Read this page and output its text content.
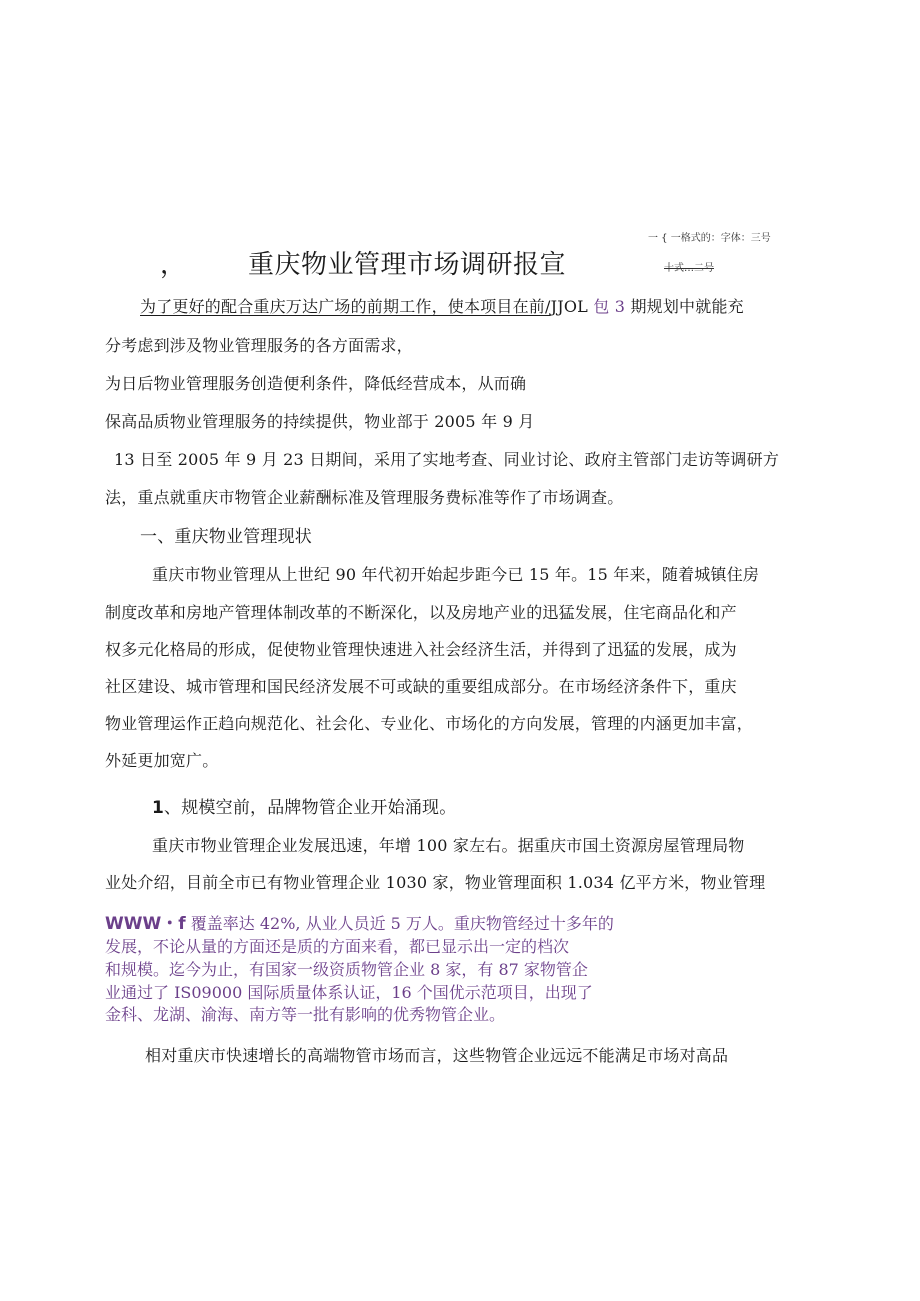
一 { 一格式的：字体：三号
十式…二号
， 重庆物业管理市场调研报宣
为了更好的配合重庆万达广场的前期工作，使本项目在前/JJOL 包 3 期规划中就能充
分考虑到涉及物业管理服务的各方面需求，
为日后物业管理服务创造便利条件，降低经营成本，从而确
保高品质物业管理服务的持续提供，物业部于 2005 年 9 月
13 日至 2005 年 9 月 23 日期间，采用了实地考查、同业讨论、政府主管部门走访等调研方
法，重点就重庆市物管企业薪酬标准及管理服务费标准等作了市场调查。
一、重庆物业管理现状
重庆市物业管理从上世纪 90 年代初开始起步距今已 15 年。15 年来，随着城镇住房
制度改革和房地产管理体制改革的不断深化，以及房地产业的迅猛发展，住宅商品化和产
权多元化格局的形成，促使物业管理快速进入社会经济生活，并得到了迅猛的发展，成为
社区建设、城市管理和国民经济发展不可或缺的重要组成部分。在市场经济条件下，重庆
物业管理运作正趋向规范化、社会化、专业化、市场化的方向发展，管理的内涵更加丰富，
外延更加宽广。
1、规模空前，品牌物管企业开始涌现。
重庆市物业管理企业发展迅速，年增 100 家左右。据重庆市国土资源房屋管理局物
业处介绍，目前全市已有物业管理企业 1030 家，物业管理面积 1.034 亿平方米，物业管理
WWW・f 覆盖率达 42%, 从业人员近 5 万人。重庆物管经过十多年的
发展，不论从量的方面还是质的方面来看，都已显示出一定的档次
和规模。迄今为止，有国家一级资质物管企业 8 家，有 87 家物管企
业通过了 IS09000 国际质量体系认证，16 个国优示范项目，出现了
金科、龙湖、渝海、南方等一批有影响的优秀物管企业。
相对重庆市快速增长的高端物管市场而言，这些物管企业远远不能满足市场对高品
